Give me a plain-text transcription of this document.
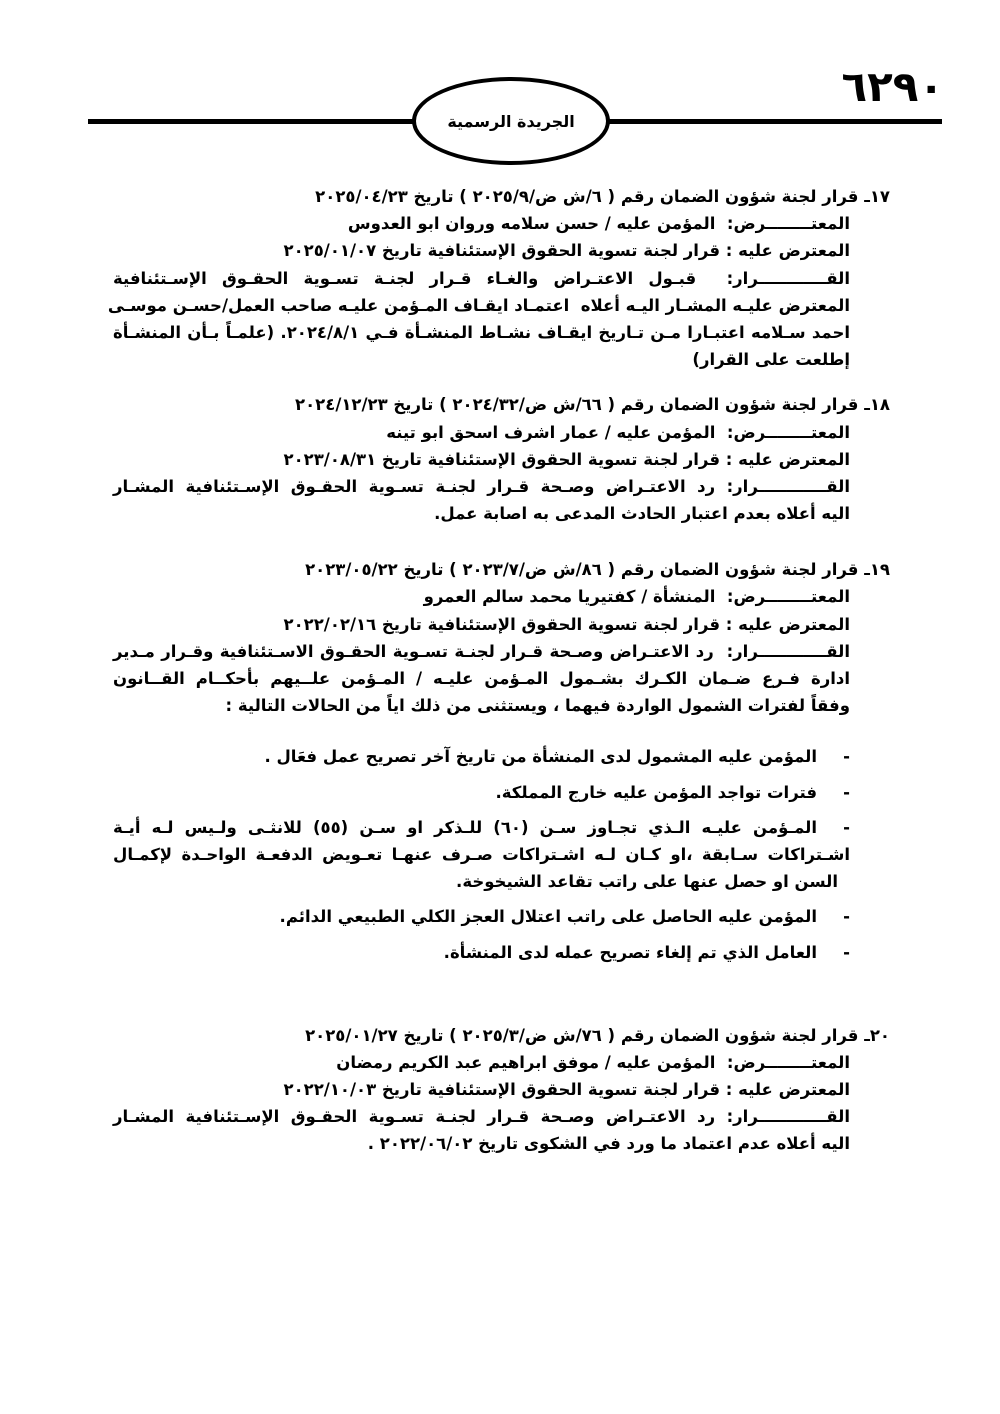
الجريدة الرسمية
٦٢٩٠
١٧ـ قرار لجنة شؤون الضمان رقم ( ٦/ش ض/٢٠٢٥/٩ ) تاريخ ٢٠٢٥/٠٤/٢٣
المعتــــــــرض:  المؤمن عليه / حسن سلامه وروان ابو العدوس
المعترض عليه : قرار لجنة تسوية الحقوق الإستئنافية تاريخ ٢٠٢٥/٠١/٠٧
القــــــــــــرار:  قبـول الاعتـراض والغـاء قـرار لجنـة تسـوية الحقـوق الإسـتئنافية
المعترض عليـه المشـار اليـه أعلاه  اعتمـاد ايقـاف المـؤمن عليـه صاحب العمل/حسـن موسـى
احمد سـلامه اعتبـارا مـن تـاريخ ايقـاف نشـاط المنشـأة فـي ٢٠٢٤/٨/١. (علمـاً بـأن المنشـأة
إطلعت على القرار)
١٨ـ قرار لجنة شؤون الضمان رقم ( ٦٦/ش ض/٢٠٢٤/٣٢ ) تاريخ ٢٠٢٤/١٢/٢٣
المعتــــــــرض:  المؤمن عليه / عمار اشرف اسحق ابو تينه
المعترض عليه : قرار لجنة تسوية الحقوق الإستئنافية تاريخ ٢٠٢٣/٠٨/٣١
القــــــــــــرار: رد الاعتـراض وصـحة قـرار لجنـة تسـوية الحقـوق الإسـتئنافية المشـار
اليه أعلاه بعدم اعتبار الحادث المدعى به اصابة عمل.
١٩ـ قرار لجنة شؤون الضمان رقم ( ٨٦/ش ض/٢٠٢٣/٧ ) تاريخ ٢٠٢٣/٠٥/٢٢
المعتــــــــرض:  المنشأة / كفتيريا محمد سالم العمرو
المعترض عليه : قرار لجنة تسوية الحقوق الإستئنافية تاريخ ٢٠٢٢/٠٢/١٦
القــــــــــــرار:  رد الاعتـراض وصـحة قـرار لجنـة تسـوية الحقـوق الاسـتئنافية وقـرار مـدير
ادارة فـرع ضـمان الكـرك بشـمول المـؤمن عليـه / المـؤمن علــيهم بأحكــام القــانون
وفقاً لفترات الشمول الواردة فيهما ، ويستثنى من ذلك اياً من الحالات التالية :
-المؤمن عليه المشمول لدى المنشأة من تاريخ آخر تصريح عمل فعَال .
-فترات تواجد المؤمن عليه خارج المملكة.
-المـؤمن عليـه الـذي تجـاوز سـن (٦٠) للـذكر او سـن (٥٥) للانثـى ولـيس لـه أيـة
اشـتراكات سـابقة ،او كـان لـه اشـتراكات صـرف عنهـا تعـويض الدفعـة الواحـدة لإكمـال
السن او حصل عنها على راتب تقاعد الشيخوخة.
-المؤمن عليه الحاصل على راتب اعتلال العجز الكلي الطبيعي الدائم.
-العامل الذي تم إلغاء تصريح عمله لدى المنشأة.
٢٠ـ قرار لجنة شؤون الضمان رقم ( ٧٦/ش ض/٢٠٢٥/٣ ) تاريخ ٢٠٢٥/٠١/٢٧
المعتــــــــرض:  المؤمن عليه / موفق ابراهيم عبد الكريم رمضان
المعترض عليه : قرار لجنة تسوية الحقوق الإستئنافية تاريخ ٢٠٢٢/١٠/٠٣
القــــــــــــرار: رد الاعتـراض وصـحة قـرار لجنـة تسـوية الحقـوق الإسـتئنافية المشـار
اليه أعلاه عدم اعتماد ما ورد في الشكوى تاريخ ٢٠٢٢/٠٦/٠٢ .
